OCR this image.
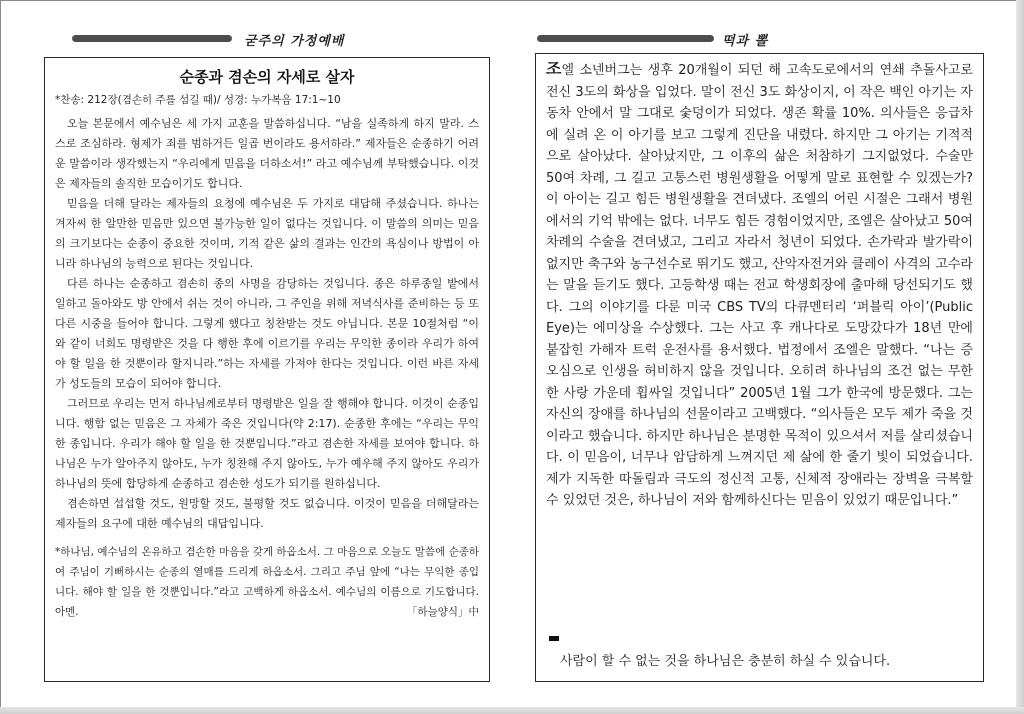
굳주의 가정예배	떡과 뽈
순종과 겸손의 자세로 살자
*찬송: 212장(겸손히 주를 섬길 때)/ 성경: 누가복음 17:1~10

오늘 본문에서 예수님은 세 가지 교훈을 말씀하십니다. “남을 실족하게 하지 말라. 스스로 조심하라. 형제가 죄를 범하거든 일곱 번이라도 용서하라.” 제자들은 순종하기 어려운 말씀이라 생각했는지 “우리에게 믿음을 더하소서!” 라고 예수님께 부탁했습니다. 이것은 제자들의 솔직한 모습이기도 합니다.

믿음을 더해 달라는 제자들의 요청에 예수님은 두 가지로 대답해 주셨습니다. 하나는 겨자씨 한 알만한 믿음만 있으면 불가능한 일이 없다는 것입니다. 이 말씀의 의미는 믿음의 크기보다는 순종이 중요한 것이며, 기적 같은 삶의 결과는 인간의 욕심이나 방법이 아니라 하나님의 능력으로 된다는 것입니다.

다른 하나는 순종하고 겸손히 종의 사명을 감당하는 것입니다. 종은 하루종일 밭에서 일하고 돌아와도 방 안에서 쉬는 것이 아니라, 그 주인을 위해 저녁식사를 준비하는 등 또 다른 시중을 들어야 합니다. 그렇게 했다고 칭찬받는 것도 아닙니다. 본문 10절처럼 “이와 같이 너희도 명령받은 것을 다 행한 후에 이르기를 우리는 무익한 종이라 우리가 하여야 할 일을 한 것뿐이라 할지니라.”하는 자세를 가져야 한다는 것입니다. 이런 바른 자세가 성도들의 모습이 되어야 합니다.

그러므로 우리는 먼저 하나님께로부터 명령받은 일을 잘 행해야 합니다. 이것이 순종입니다. 행함 없는 믿음은 그 자체가 죽은 것입니다(약 2:17). 순종한 후에는 “우리는 무익한 종입니다. 우리가 해야 할 일을 한 것뿐입니다.”라고 겸손한 자세를 보여야 합니다. 하나님은 누가 알아주지 않아도, 누가 칭찬해 주지 않아도, 누가 예우해 주지 않아도 우리가 하나님의 뜻에 합당하게 순종하고 겸손한 성도가 되기를 원하십니다.

겸손하면 섭섭할 것도, 원망할 것도, 불평할 것도 없습니다. 이것이 믿음을 더해달라는 제자들의 요구에 대한 예수님의 대답입니다.

*하나님, 예수님의 온유하고 겸손한 마음을 갖게 하옵소서. 그 마음으로 오늘도 말씀에 순종하여 주님이 기뻐하시는 순종의 열매를 드리게 하옵소서. 그리고 주님 앞에 “나는 무익한 종입니다. 해야 할 일을 한 것뿐입니다.”라고 고백하게 하옵소서. 예수님의 이름으로 기도합니다. 아멘.	「하늘양식」中

조엘 소넨버그는 생후 20개월이 되던 해 고속도로에서의 연쇄 추돌사고로 전신 3도의 화상을 입었다. 말이 전신 3도 화상이지, 이 작은 백인 아기는 자동차 안에서 말 그대로 숯덩이가 되었다. 생존 확률 10%. 의사들은 응급차에 실려 온 이 아기를 보고 그렇게 진단을 내렸다. 하지만 그 아기는 기적적으로 살아났다. 살아났지만, 그 이후의 삶은 처참하기 그지없었다. 수술만 50여 차례, 그 길고 고통스런 병원생활을 어떻게 말로 표현할 수 있겠는가? 이 아이는 길고 힘든 병원생활을 견뎌냈다. 조엘의 어린 시절은 그래서 병원에서의 기억 밖에는 없다. 너무도 힘든 경험이었지만, 조엘은 살아났고 50여 차례의 수술을 견뎌냈고, 그리고 자라서 청년이 되었다. 손가락과 발가락이 없지만 축구와 농구선수로 뛰기도 했고, 산악자전거와 클레이 사격의 고수라는 말을 듣기도 했다. 고등학생 때는 전교 학생회장에 출마해 당선되기도 했다. 그의 이야기를 다룬 미국 CBS TV의 다큐멘터리 ‘퍼블릭 아이’(Public Eye)는 에미상을 수상했다. 그는 사고 후 캐나다로 도망갔다가 18년 만에 붙잡힌 가해자 트럭 운전사를 용서했다. 법정에서 조엘은 말했다. “나는 증오심으로 인생을 허비하지 않을 것입니다. 오히려 하나님의 조건 없는 무한한 사랑 가운데 휩싸일 것입니다” 2005년 1월 그가 한국에 방문했다. 그는 자신의 장애를 하나님의 선물이라고 고백했다. “의사들은 모두 제가 죽을 것이라고 했습니다. 하지만 하나님은 분명한 목적이 있으셔서 저를 살리셨습니다. 이 믿음이, 너무나 암담하게 느껴지던 제 삶에 한 줄기 빛이 되었습니다. 제가 지독한 따돌림과 극도의 정신적 고통, 신체적 장애라는 장벽을 극복할 수 있었던 것은, 하나님이 저와 함께하신다는 믿음이 있었기 때문입니다.”

사람이 할 수 없는 것을 하나님은 충분히 하실 수 있습니다.
